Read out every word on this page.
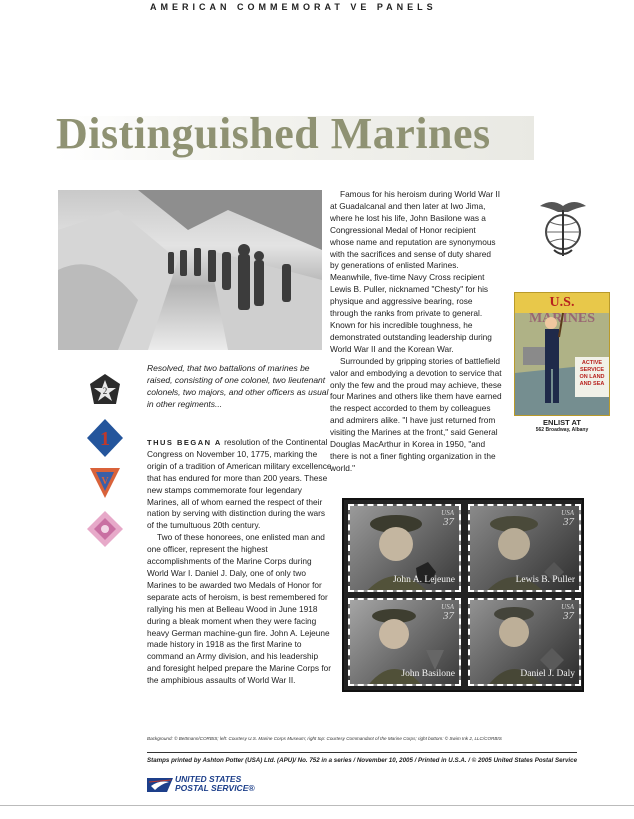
AMERICAN COMMEMORAT VE PANELS
Distinguished Marines

Resolved, that two battalions of marines be raised, consisting of one colonel, two lieutenant colonels, two majors, and other officers as usual in other regiments...

2
1
V

THUS BEGAN A resolution of the Continental Congress on November 10, 1775, marking the origin of a tradition of American military excellence that has endured for more than 200 years. These new stamps commemorate four legendary Marines, all of whom earned the respect of their nation by serving with distinction during the wars of the tumultuous 20th century.

Two of these honorees, one enlisted man and one officer, represent the highest accomplishments of the Marine Corps during World War I. Daniel J. Daly, one of only two Marines to be awarded two Medals of Honor for separate acts of heroism, is best remembered for rallying his men at Belleau Wood in June 1918 during a bleak moment when they were facing heavy German machine-gun fire. John A. Lejeune made history in 1918 as the first Marine to command an Army division, and his leadership and foresight helped prepare the Marine Corps for the amphibious assaults of World War II.

Famous for his heroism during World War II at Guadalcanal and then later at Iwo Jima, where he lost his life, John Basilone was a Congressional Medal of Honor recipient whose name and reputation are synonymous with the sacrifices and sense of duty shared by generations of enlisted Marines. Meanwhile, five-time Navy Cross recipient Lewis B. Puller, nicknamed "Chesty" for his physique and aggressive bearing, rose through the ranks from private to general. Known for his incredible toughness, he demonstrated outstanding leadership during World War II and the Korean War.

Surrounded by gripping stories of battlefield valor and embodying a devotion to service that only the few and the proud may achieve, these four Marines and others like them have earned the respect accorded to them by colleagues and admirers alike. "I have just returned from visiting the Marines at the front," said General Douglas MacArthur in Korea in 1950, "and there is not a finer fighting organization in the world."

U.S.
ACTIVE SERVICE ON LAND AND SEA
ENLIST AT
562 Broadway, Albany
USA
37
John A. Lejeune
USA
37
Lewis B. Puller
USA
37
John Basilone
USA
37
Daniel J. Daly
Background: © Bettmann/CORBIS; left: Courtesy U.S. Marine Corps Museum; right top: Courtesy Commandant of the Marine Corps; right bottom: © Swim Ink 2, LLC/CORBIS
Stamps printed by Ashton Potter (USA) Ltd. (APU)/ No. 752 in a series / November 10, 2005 / Printed in U.S.A. / © 2005 United States Postal Service
UNITED STATES
POSTAL SERVICE®
